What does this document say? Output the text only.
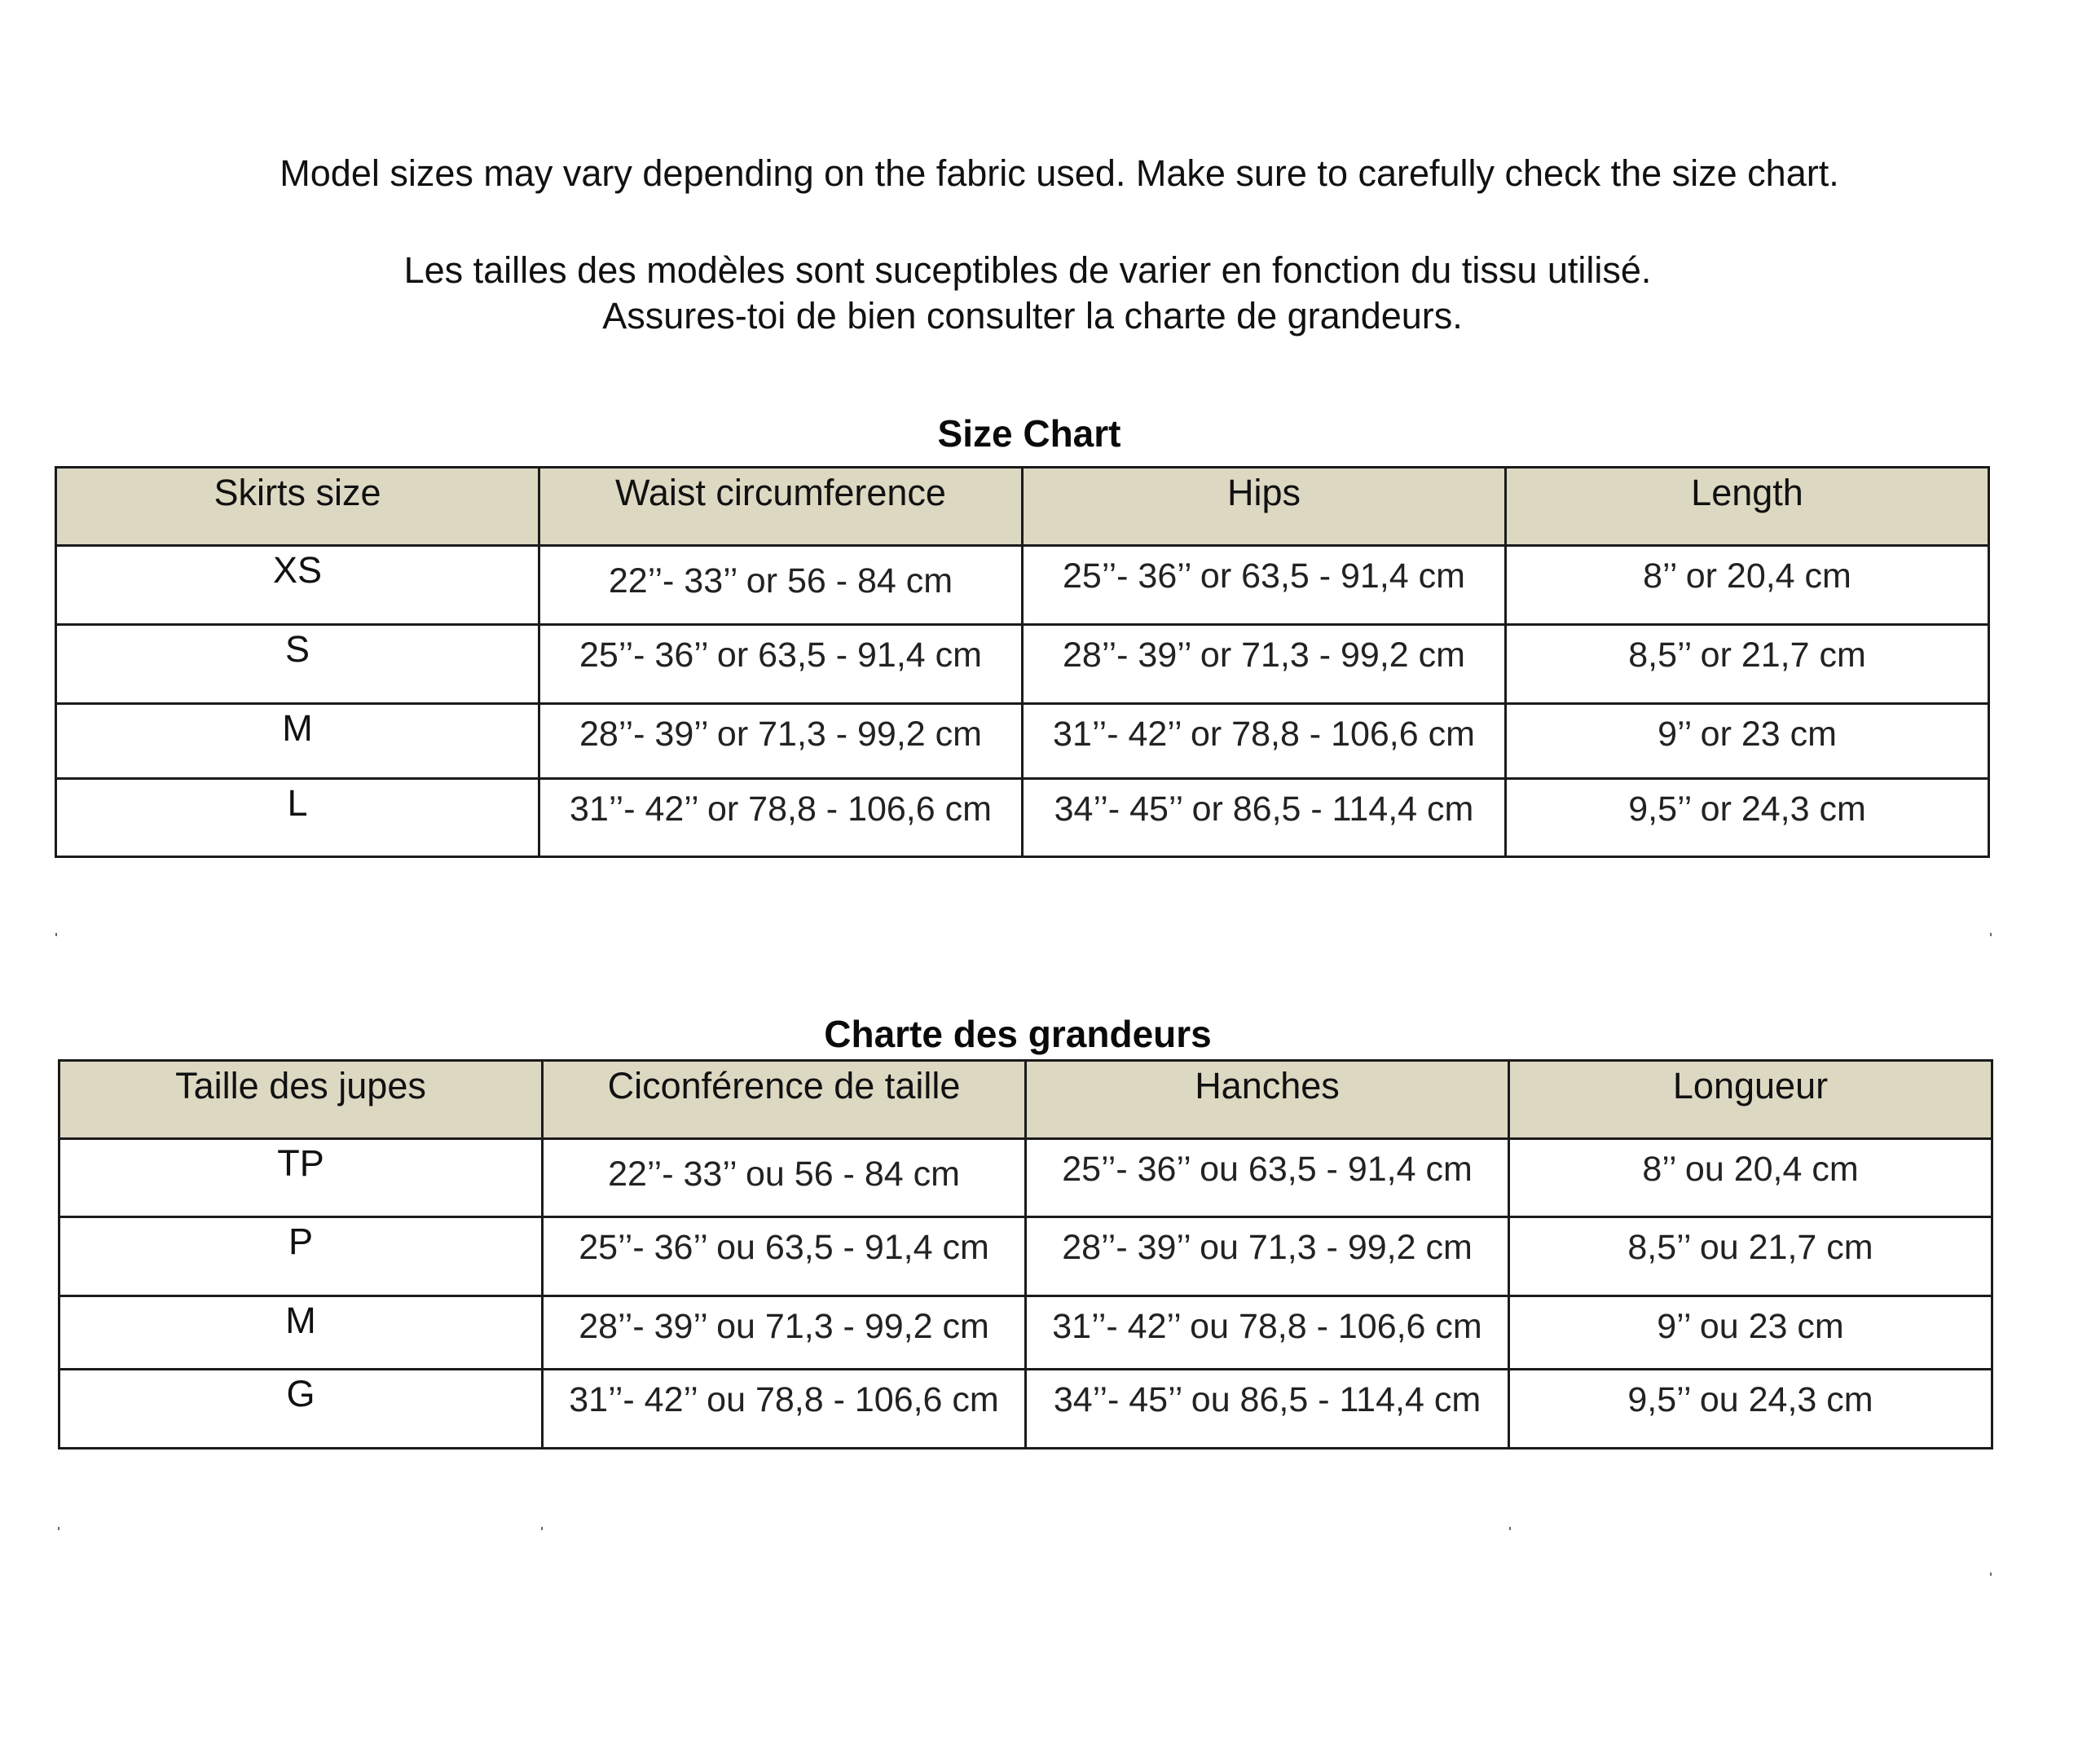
Model sizes may vary depending on the fabric used. Make sure to carefully check the size chart.
Les tailles des modèles sont suceptibles de varier en fonction du tissu utilisé.
Assures-toi de bien consulter la charte de grandeurs.
Size Chart
Skirts size	Waist circumference	Hips	Length
XS	22’’- 33’’ or 56 - 84 cm	25’’- 36’’ or 63,5 - 91,4 cm	8’’ or 20,4 cm
S	25’’- 36’’ or 63,5 - 91,4 cm	28’’- 39’’ or 71,3 - 99,2 cm	8,5’’ or 21,7 cm
M	28’’- 39’’ or 71,3 - 99,2 cm	31’’- 42’’ or 78,8 - 106,6 cm	9’’ or 23 cm
L	31’’- 42’’ or 78,8 - 106,6 cm	34’’- 45’’ or 86,5 - 114,4 cm	9,5’’ or 24,3 cm
Charte des grandeurs
Taille des jupes	Ciconférence de taille	Hanches	Longueur
TP	22’’- 33’’ ou 56 - 84 cm	25’’- 36’’ ou 63,5 - 91,4 cm	8’’ ou 20,4 cm
P	25’’- 36’’ ou 63,5 - 91,4 cm	28’’- 39’’ ou 71,3 - 99,2 cm	8,5’’ ou 21,7 cm
M	28’’- 39’’ ou 71,3 - 99,2 cm	31’’- 42’’ ou 78,8 - 106,6 cm	9’’ ou 23 cm
G	31’’- 42’’ ou 78,8 - 106,6 cm	34’’- 45’’ ou 86,5 - 114,4 cm	9,5’’ ou 24,3 cm
